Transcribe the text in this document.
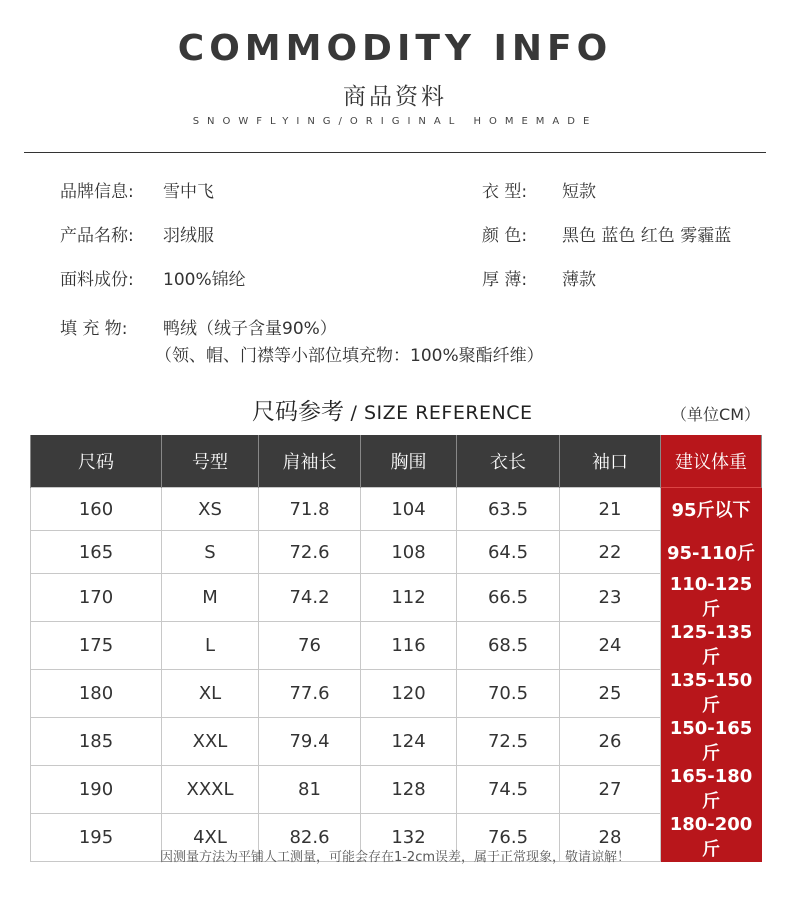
COMMODITY INFO
商品资料
SNOWFLYING/ORIGINAL HOMEMADE
品牌信息: 雪中飞
产品名称: 羽绒服
面料成份: 100%锦纶
填 充 物: 鸭绒（绒子含量90%）
（领、帽、门襟等小部位填充物：100%聚酯纤维）
衣 型: 短款
颜 色: 黑色 蓝色 红色 雾霾蓝
厚 薄: 薄款
尺码参考 / SIZE REFERENCE	（单位CM）
尺码	号型	肩袖长	胸围	衣长	袖口	建议体重
160	XS	71.8	104	63.5	21	95斤以下
165	S	72.6	108	64.5	22	95-110斤
170	M	74.2	112	66.5	23	110-125斤
175	L	76	116	68.5	24	125-135斤
180	XL	77.6	120	70.5	25	135-150斤
185	XXL	79.4	124	72.5	26	150-165斤
190	XXXL	81	128	74.5	27	165-180斤
195	4XL	82.6	132	76.5	28	180-200斤
因测量方法为平铺人工测量，可能会存在1-2cm误差，属于正常现象，敬请谅解！
